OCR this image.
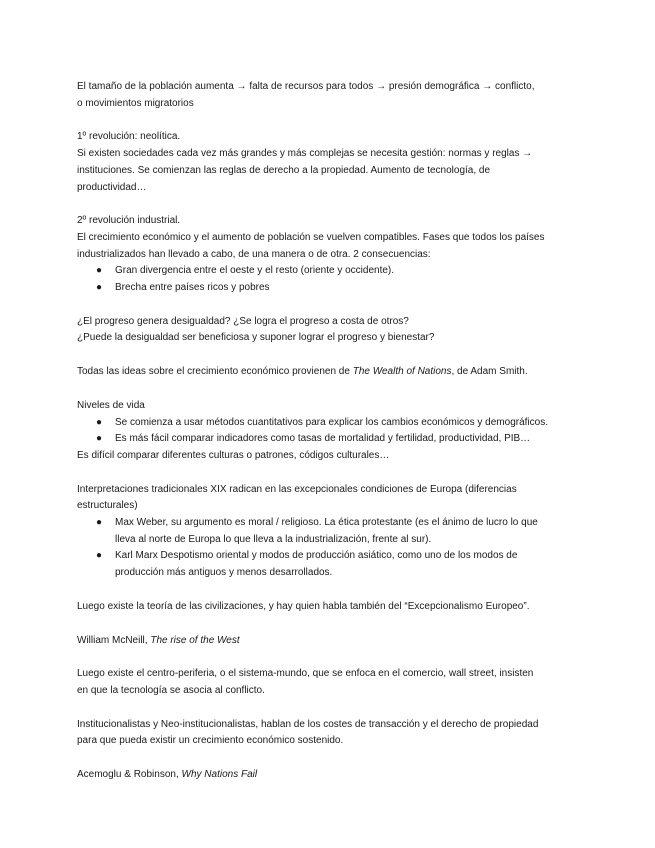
El tamaño de la población aumenta → falta de recursos para todos → presión demográfica → conflicto,

o movimientos migratorios

1º revolución: neolítica.

Si existen sociedades cada vez más grandes y más complejas se necesita gestión: normas y reglas →

instituciones. Se comienzan las reglas de derecho a la propiedad. Aumento de tecnología, de

productividad…

2º revolución industrial.

El crecimiento económico y el aumento de población se vuelven compatibles. Fases que todos los países

industrializados han llevado a cabo, de una manera o de otra. 2 consecuencias:

● Gran divergencia entre el oeste y el resto (oriente y occidente).
● Brecha entre países ricos y pobres

¿El progreso genera desigualdad? ¿Se logra el progreso a costa de otros?

¿Puede la desigualdad ser beneficiosa y suponer lograr el progreso y bienestar?

Todas las ideas sobre el crecimiento económico provienen de The Wealth of Nations, de Adam Smith.

Niveles de vida

● Se comienza a usar métodos cuantitativos para explicar los cambios económicos y demográficos.
● Es más fácil comparar indicadores como tasas de mortalidad y fertilidad, productividad, PIB…

Es difícil comparar diferentes culturas o patrones, códigos culturales…

Interpretaciones tradicionales XIX radican en las excepcionales condiciones de Europa (diferencias

estructurales)

● Max Weber, su argumento es moral / religioso. La ética protestante (es el ánimo de lucro lo que
lleva al norte de Europa lo que lleva a la industrialización, frente al sur).
● Karl Marx Despotismo oriental y modos de producción asiático, como uno de los modos de
producción más antiguos y menos desarrollados.

Luego existe la teoría de las civilizaciones, y hay quien habla también del “Excepcionalismo Europeo”.

William McNeill, The rise of the West

Luego existe el centro-periferia, o el sistema-mundo, que se enfoca en el comercio, wall street, insisten

en que la tecnología se asocia al conflicto.

Institucionalistas y Neo-institucionalistas, hablan de los costes de transacción y el derecho de propiedad

para que pueda existir un crecimiento económico sostenido.

Acemoglu & Robinson, Why Nations Fail
